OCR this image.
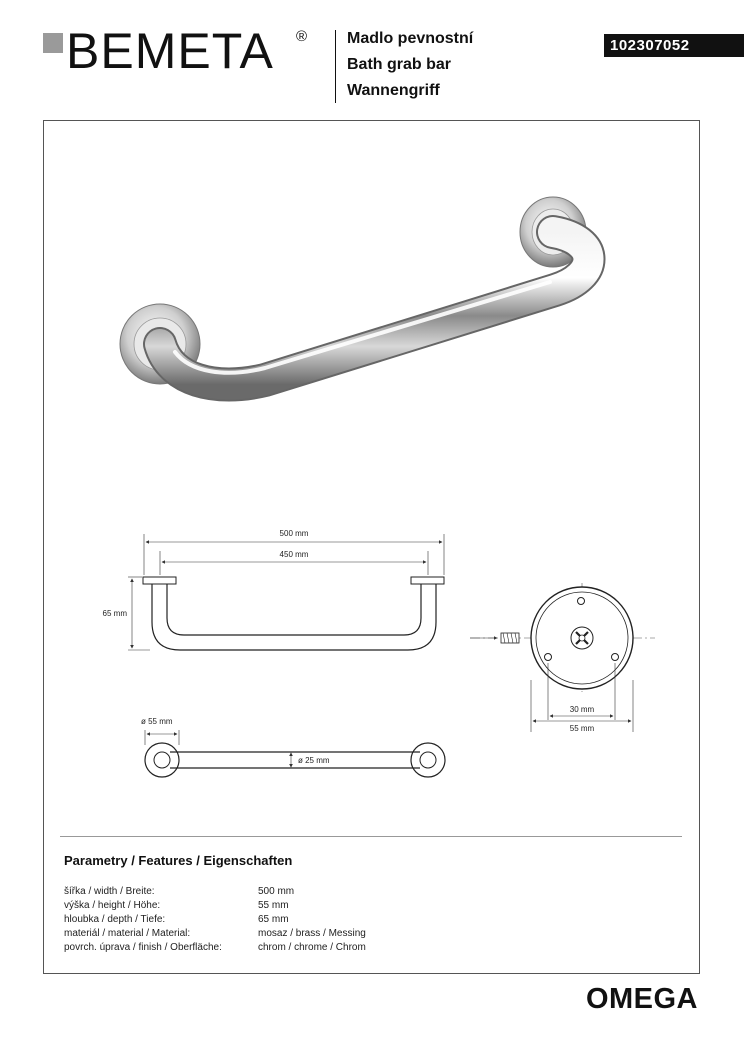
BEMETA ® Madlo pevnostní
Bath grab bar
Wannengriff
102307052
500 mm
450 mm
65 mm
ø 55 mm
ø 25 mm
30 mm
55 mm
Parametry / Features / Eigenschaften
šířka / width / Breite:	500 mm
výška / height / Höhe:	55 mm
hloubka / depth / Tiefe:	65 mm
materiál / material / Material:	mosaz / brass / Messing
povrch. úprava / finish / Oberfläche:	chrom / chrome / Chrom
OMEGA
